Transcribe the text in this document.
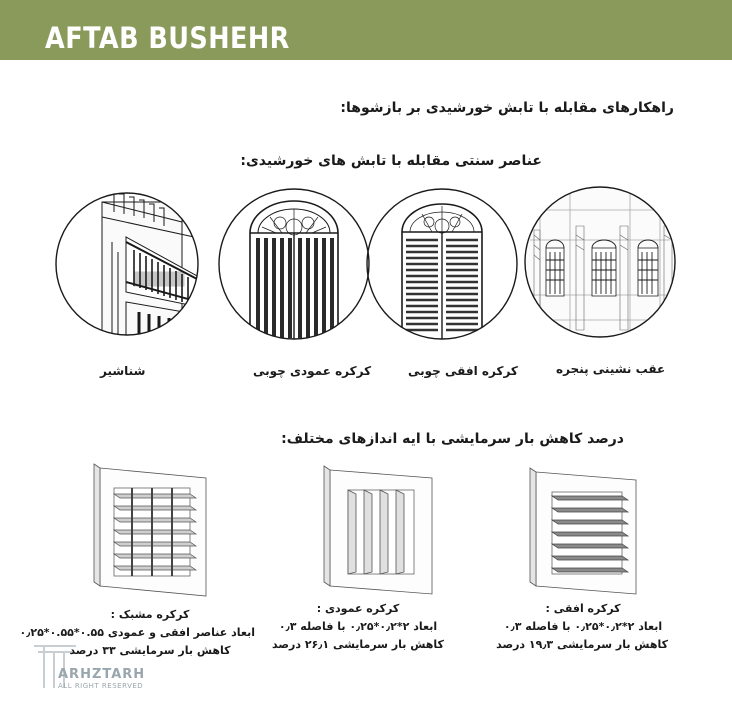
AFTAB BUSHEHR
راهکارهای مقابله با تابش خورشیدی بر بازشوها:
عناصر سنتی مقابله با تابش های خورشیدی:
شناشیر	کرکره عمودی چوبی	کرکره افقی چوبی	عقب نشینی پنجره
درصد کاهش بار سرمایشی با ایه اندازهای مختلف:
کرکره مشبک :
ابعاد عناصر افقی و عمودی ۰.۵۵*۰.۵۵*۰٫۲۵
کاهش بار سرمایشی ۳۳ درصد
کرکره عمودی :
ابعاد ۲*۰٫۲*۰٫۲۵ با فاصله ۰٫۳
کاهش بار سرمایشی ۲۶٫۱ درصد
کرکره افقی :
ابعاد ۲*۰٫۲*۰٫۲۵ با فاصله ۰٫۳
کاهش بار سرمایشی ۱۹٫۳ درصد
ARHZTARH
ALL RIGHT RESERVED
